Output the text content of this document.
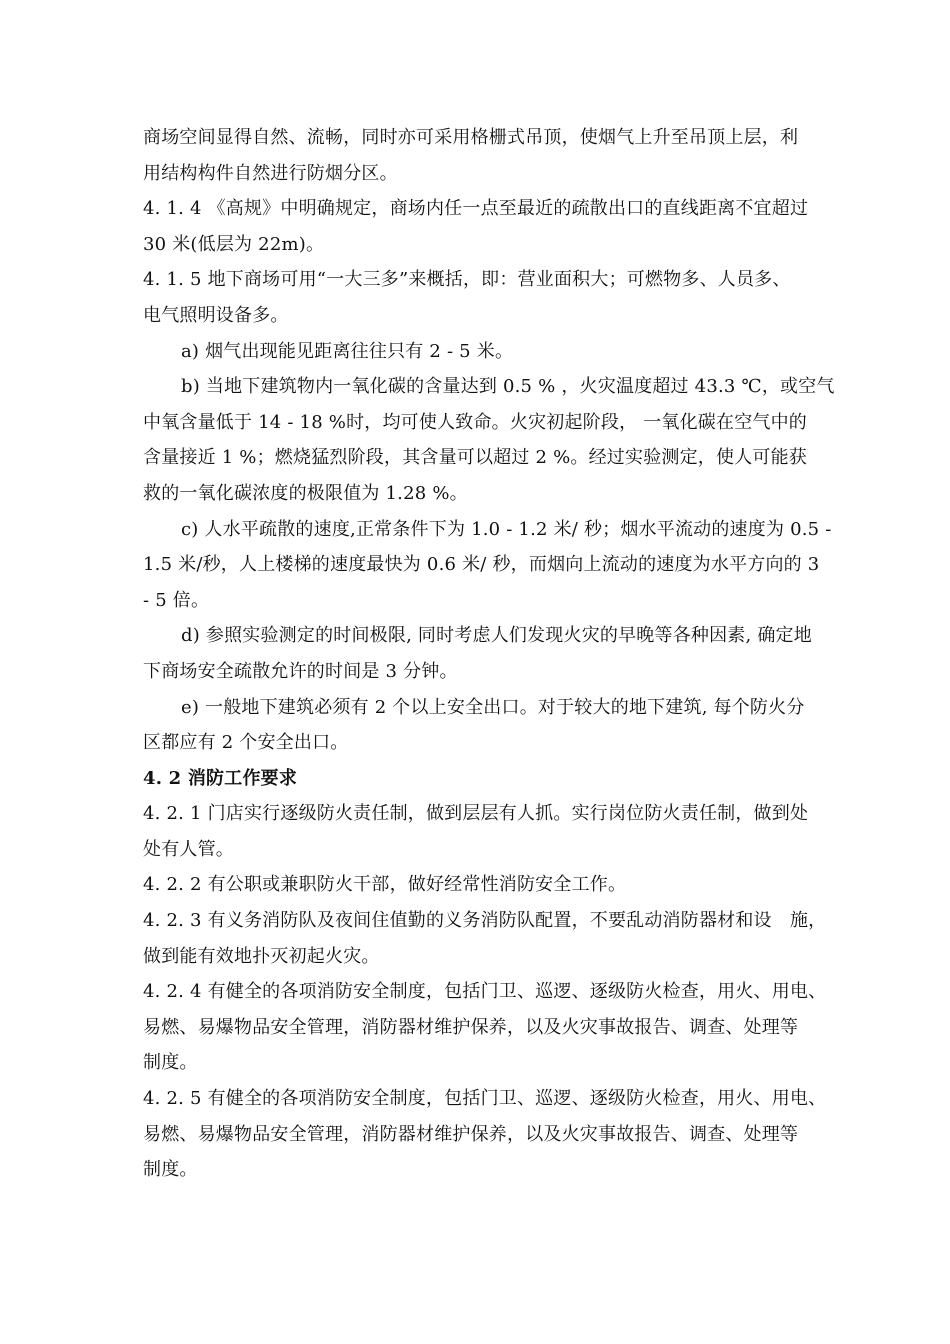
商场空间显得自然、流畅，同时亦可采用格栅式吊顶，使烟气上升至吊顶上层，利
用结构构件自然进行防烟分区。
4. 1. 4 《高规》中明确规定，商场内任一点至最近的疏散出口的直线距离不宜超过
30 米(低层为 22m)。
4. 1. 5 地下商场可用“一大三多”来概括，即：营业面积大；可燃物多、人员多、
电气照明设备多。
a) 烟气出现能见距离往往只有 2 - 5 米。
b) 当地下建筑物内一氧化碳的含量达到 0.5 % ，火灾温度超过 43.3 ℃，或空气
中氧含量低于 14 - 18 %时，均可使人致命。火灾初起阶段， 一氧化碳在空气中的
含量接近 1 %；燃烧猛烈阶段，其含量可以超过 2 %。经过实验测定，使人可能获
救的一氧化碳浓度的极限值为 1.28 %。
c) 人水平疏散的速度,正常条件下为 1.0 - 1.2 米/ 秒；烟水平流动的速度为 0.5 -
1.5 米/秒，人上楼梯的速度最快为 0.6 米/ 秒，而烟向上流动的速度为水平方向的 3
- 5 倍。
d) 参照实验测定的时间极限, 同时考虑人们发现火灾的早晚等各种因素, 确定地
下商场安全疏散允许的时间是 3 分钟。
e) 一般地下建筑必须有 2 个以上安全出口。对于较大的地下建筑, 每个防火分
区都应有 2 个安全出口。
4. 2 消防工作要求
4. 2. 1 门店实行逐级防火责任制，做到层层有人抓。实行岗位防火责任制，做到处
处有人管。
4. 2. 2 有公职或兼职防火干部，做好经常性消防安全工作。
4. 2. 3 有义务消防队及夜间住值勤的义务消防队配置，不要乱动消防器材和设　施，
做到能有效地扑灭初起火灾。
4. 2. 4 有健全的各项消防安全制度，包括门卫、巡逻、逐级防火检查，用火、用电、
易燃、易爆物品安全管理，消防器材维护保养，以及火灾事故报告、调查、处理等
制度。
4. 2. 5 有健全的各项消防安全制度，包括门卫、巡逻、逐级防火检查，用火、用电、
易燃、易爆物品安全管理，消防器材维护保养，以及火灾事故报告、调查、处理等
制度。
